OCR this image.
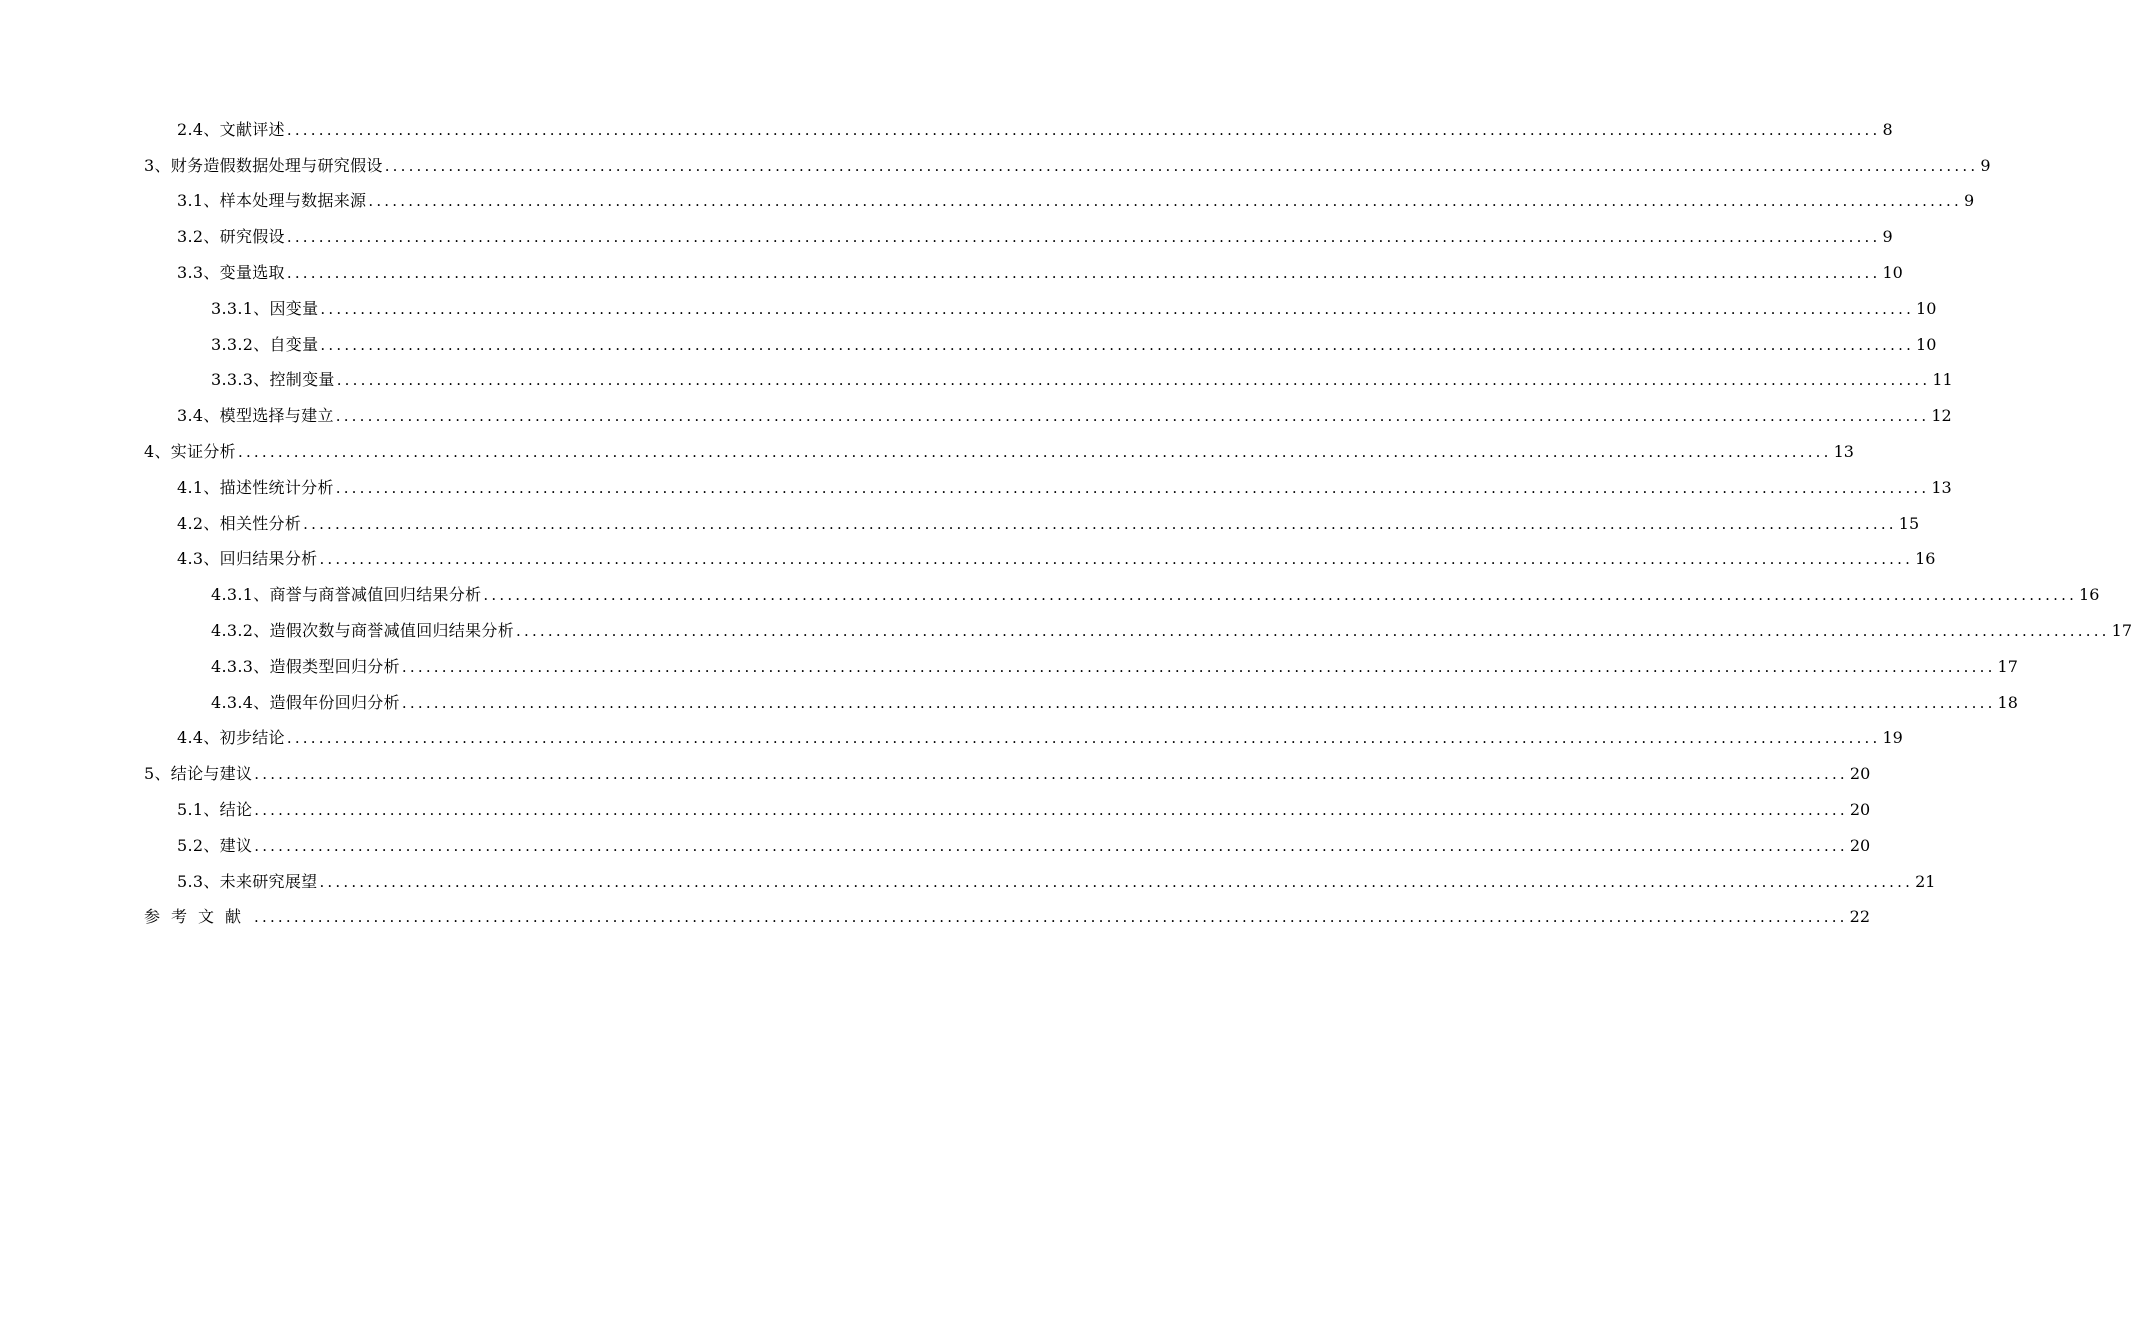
2.4、文献评述 ........................................................................................................................................................................................................ 8
3、财务造假数据处理与研究假设 ........................................................................................................................................................................................................ 9
3.1、样本处理与数据来源 ........................................................................................................................................................................................................ 9
3.2、研究假设 ........................................................................................................................................................................................................ 9
3.3、变量选取 ........................................................................................................................................................................................................ 10
3.3.1、因变量 ........................................................................................................................................................................................................ 10
3.3.2、自变量 ........................................................................................................................................................................................................ 10
3.3.3、控制变量 ........................................................................................................................................................................................................ 11
3.4、模型选择与建立 ........................................................................................................................................................................................................ 12
4、实证分析 ........................................................................................................................................................................................................ 13
4.1、描述性统计分析 ........................................................................................................................................................................................................ 13
4.2、相关性分析 ........................................................................................................................................................................................................ 15
4.3、回归结果分析 ........................................................................................................................................................................................................ 16
4.3.1、商誉与商誉减值回归结果分析 ........................................................................................................................................................................................................ 16
4.3.2、造假次数与商誉减值回归结果分析 ........................................................................................................................................................................................................ 17
4.3.3、造假类型回归分析 ........................................................................................................................................................................................................ 17
4.3.4、造假年份回归分析 ........................................................................................................................................................................................................ 18
4.4、初步结论 ........................................................................................................................................................................................................ 19
5、结论与建议 ........................................................................................................................................................................................................ 20
5.1、结论 ........................................................................................................................................................................................................ 20
5.2、建议 ........................................................................................................................................................................................................ 20
5.3、未来研究展望 ........................................................................................................................................................................................................ 21
参考文献 ........................................................................................................................................................................................................ 22
